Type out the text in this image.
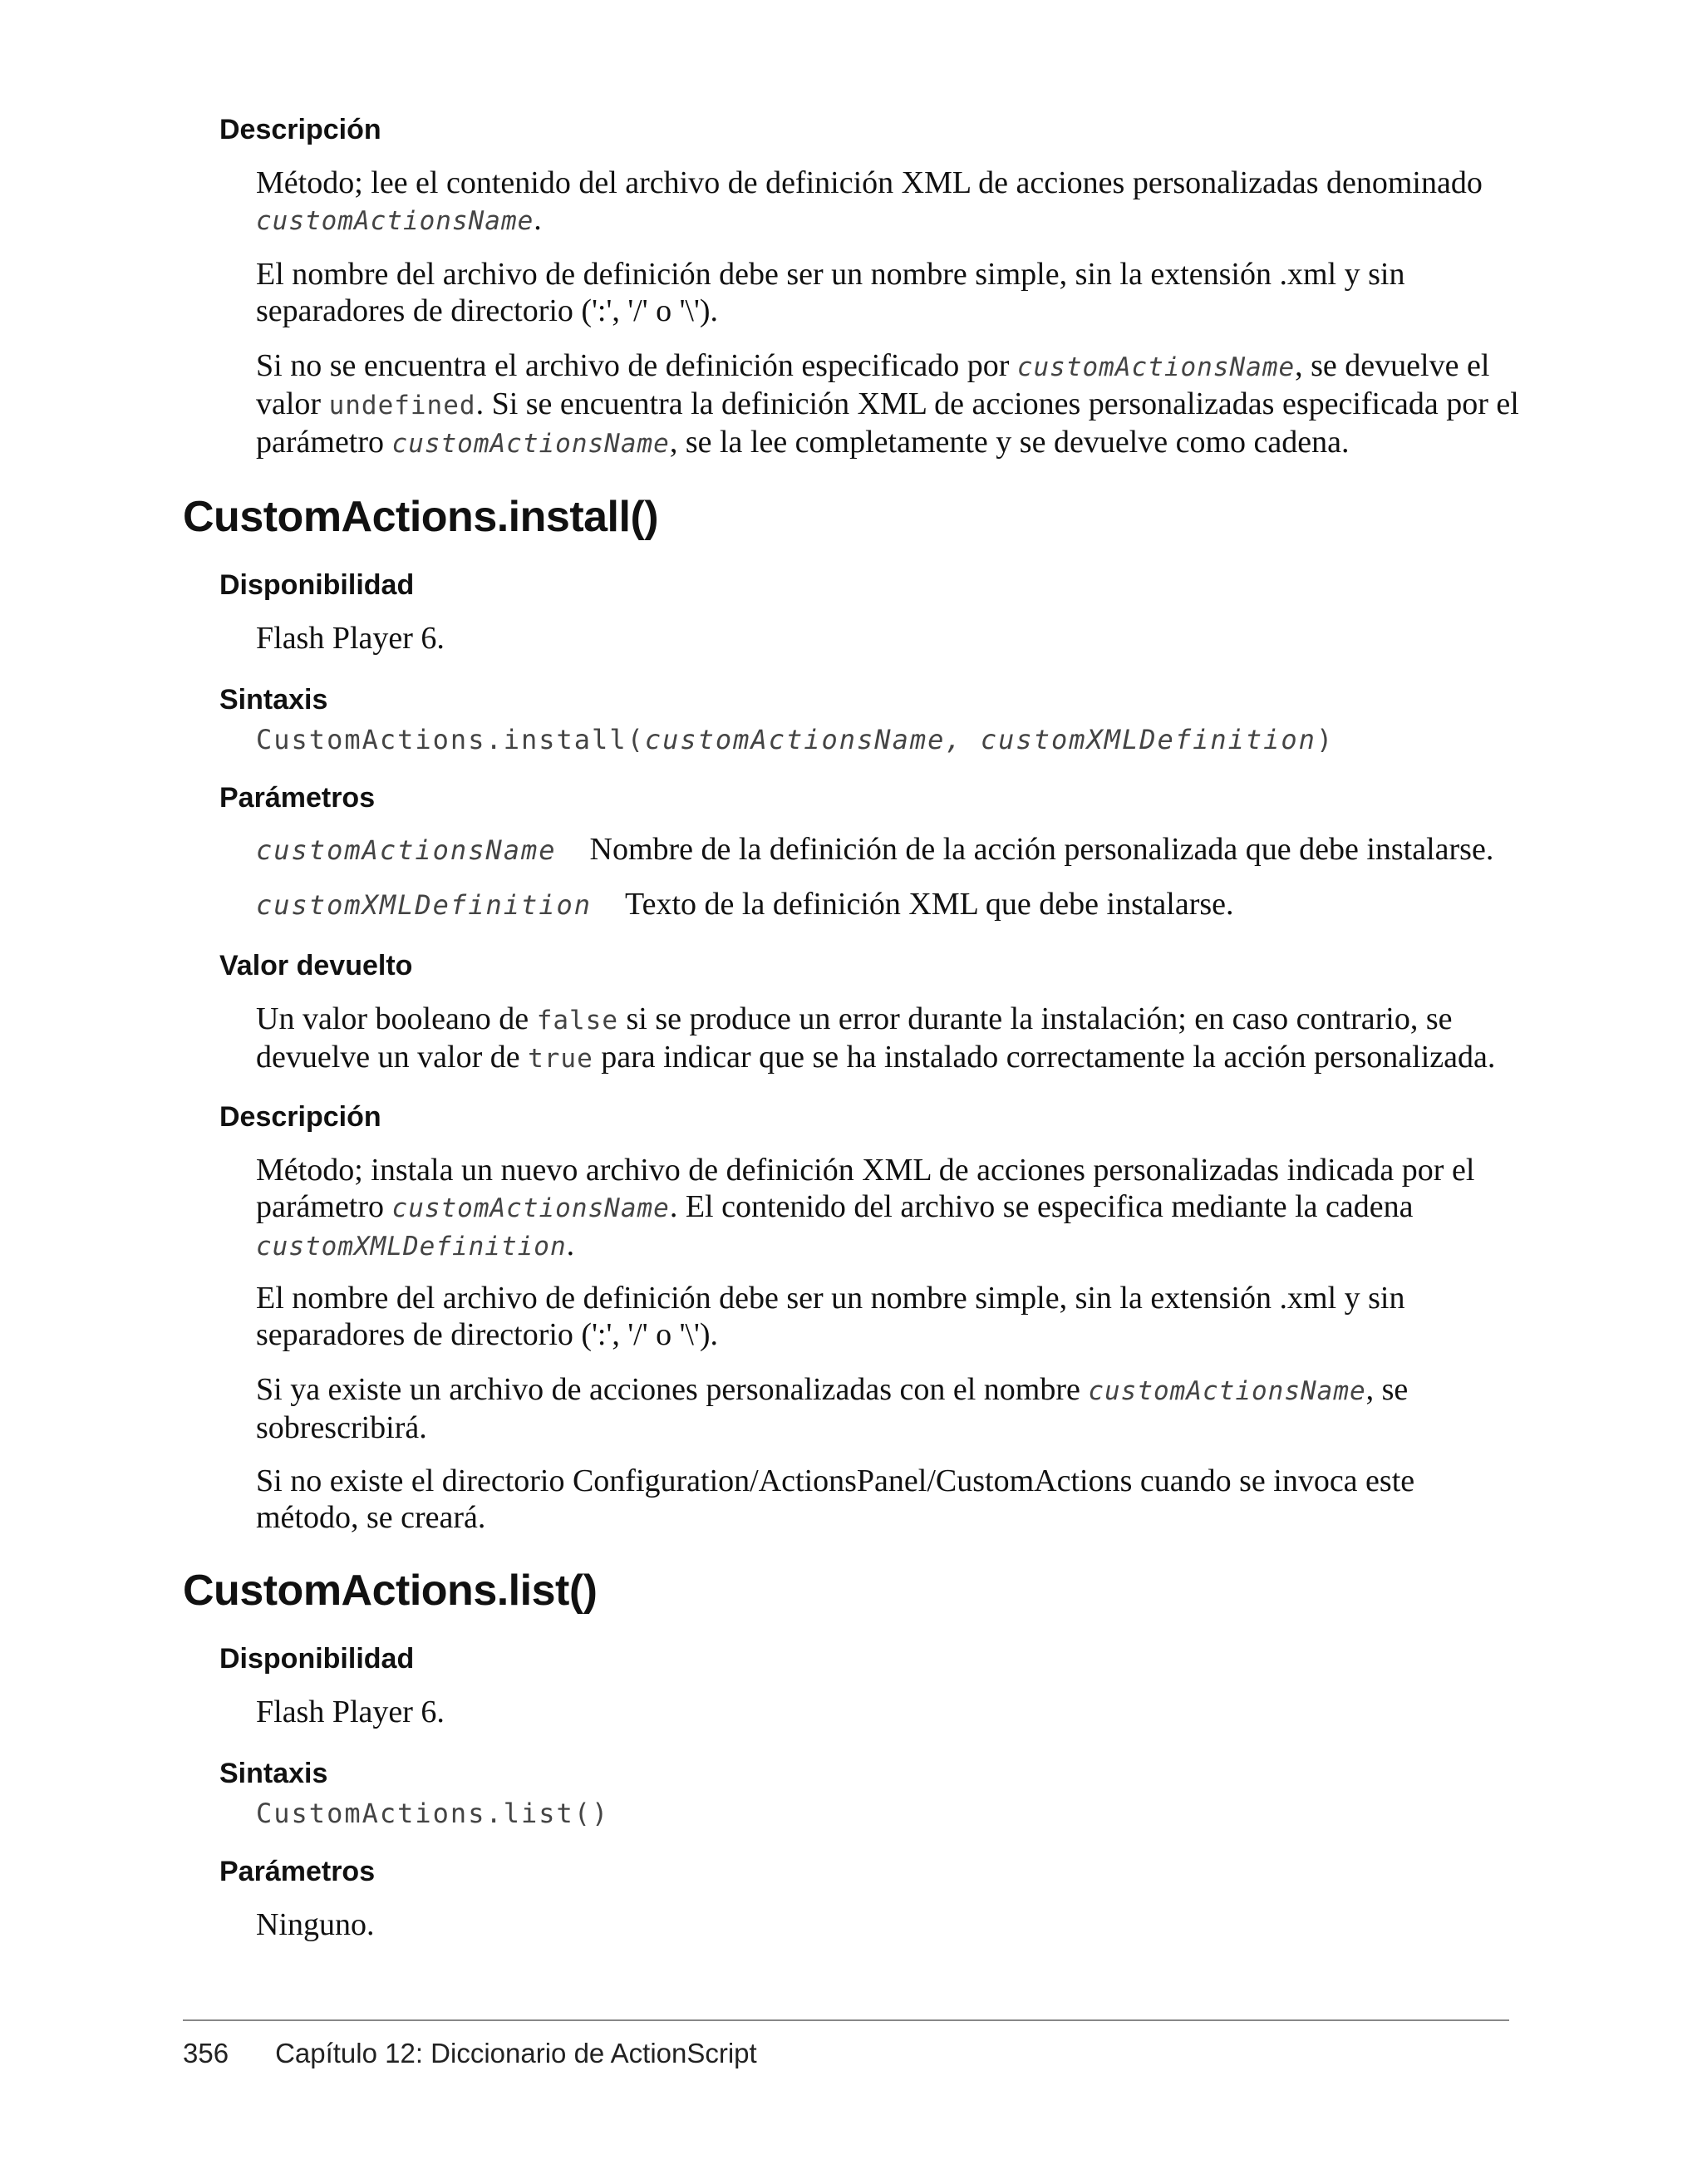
Descripción
Método; lee el contenido del archivo de definición XML de acciones personalizadas denominado
customActionsName.
El nombre del archivo de definición debe ser un nombre simple, sin la extensión .xml y sin separadores de directorio (':', '/' o '\').
Si no se encuentra el archivo de definición especificado por customActionsName, se devuelve el valor undefined. Si se encuentra la definición XML de acciones personalizadas especificada por el parámetro customActionsName, se la lee completamente y se devuelve como cadena.
CustomActions.install()
Disponibilidad
Flash Player 6.
Sintaxis
CustomActions.install(customActionsName, customXMLDefinition)
Parámetros
customActionsName Nombre de la definición de la acción personalizada que debe instalarse.
customXMLDefinition Texto de la definición XML que debe instalarse.
Valor devuelto
Un valor booleano de false si se produce un error durante la instalación; en caso contrario, se devuelve un valor de true para indicar que se ha instalado correctamente la acción personalizada.
Descripción
Método; instala un nuevo archivo de definición XML de acciones personalizadas indicada por el parámetro customActionsName. El contenido del archivo se especifica mediante la cadena customXMLDefinition.
El nombre del archivo de definición debe ser un nombre simple, sin la extensión .xml y sin separadores de directorio (':', '/' o '\').
Si ya existe un archivo de acciones personalizadas con el nombre customActionsName, se sobrescribirá.
Si no existe el directorio Configuration/ActionsPanel/CustomActions cuando se invoca este método, se creará.
CustomActions.list()
Disponibilidad
Flash Player 6.
Sintaxis
CustomActions.list()
Parámetros
Ninguno.
356 Capítulo 12: Diccionario de ActionScript
